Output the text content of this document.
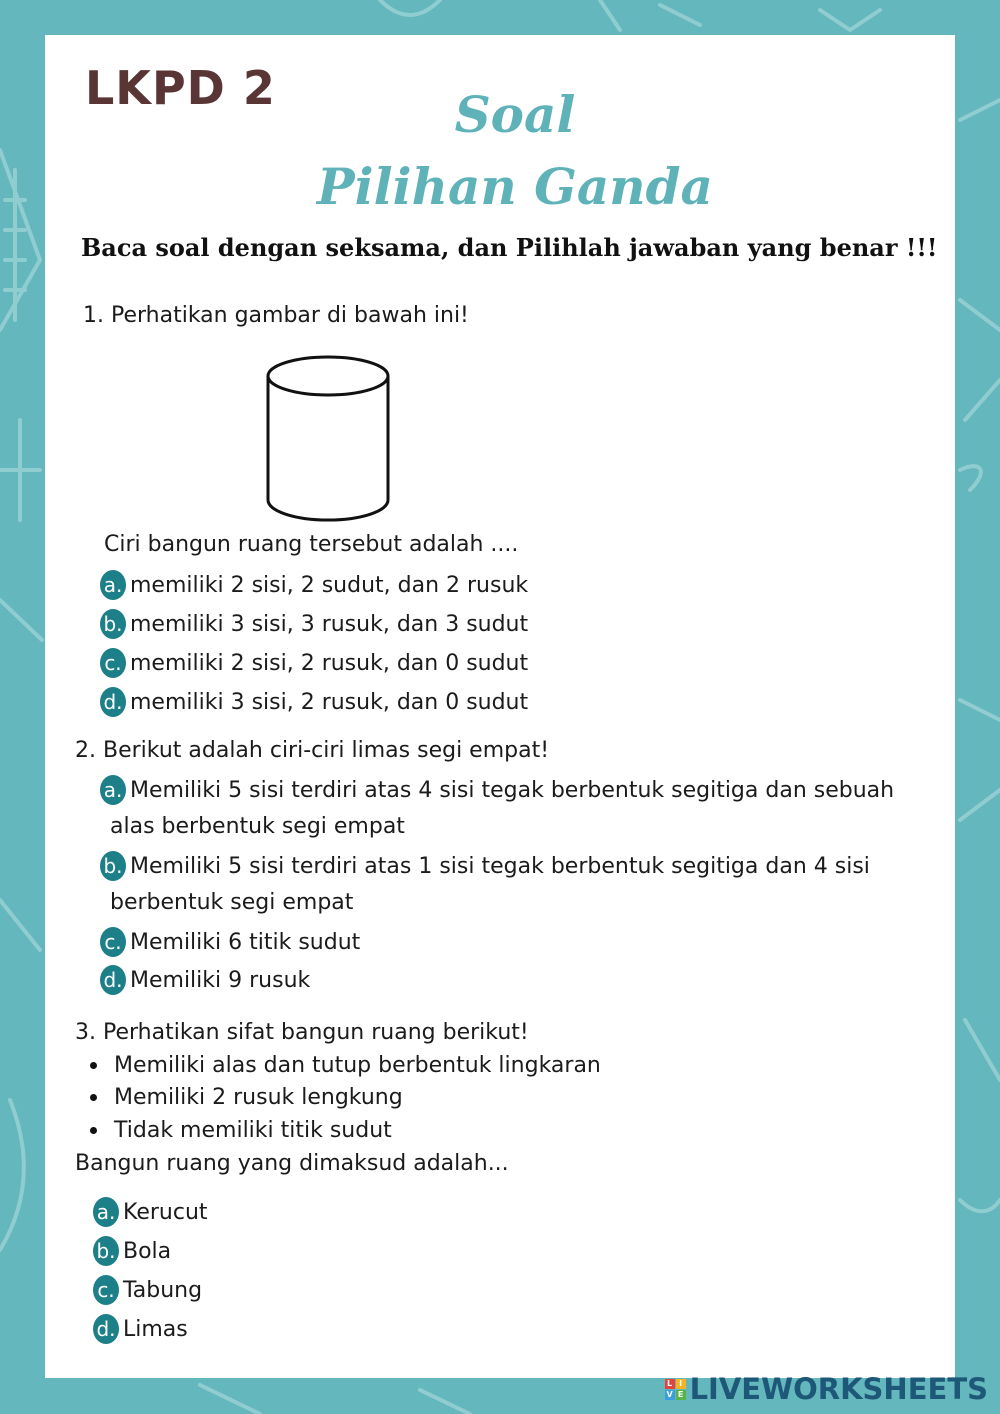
LKPD 2	Soal
Pilihan Ganda
Baca soal dengan seksama, dan Pilihlah jawaban yang benar !!!
1. Perhatikan gambar di bawah ini!
Ciri bangun ruang tersebut adalah ....
a. memiliki 2 sisi, 2 sudut, dan 2 rusuk
b. memiliki 3 sisi, 3 rusuk, dan 3 sudut
c. memiliki 2 sisi, 2 rusuk, dan 0 sudut
d. memiliki 3 sisi, 2 rusuk, dan 0 sudut
2. Berikut adalah ciri-ciri limas segi empat!
a. Memiliki 5 sisi terdiri atas 4 sisi tegak berbentuk segitiga dan sebuah
alas berbentuk segi empat
b. Memiliki 5 sisi terdiri atas 1 sisi tegak berbentuk segitiga dan 4 sisi
berbentuk segi empat
c. Memiliki 6 titik sudut
d. Memiliki 9 rusuk
3. Perhatikan sifat bangun ruang berikut!
Memiliki alas dan tutup berbentuk lingkaran
Memiliki 2 rusuk lengkung
Tidak memiliki titik sudut
Bangun ruang yang dimaksud adalah...
a. Kerucut
b. Bola
c. Tabung
d. Limas
L I
V E LIVEWORKSHEETS
